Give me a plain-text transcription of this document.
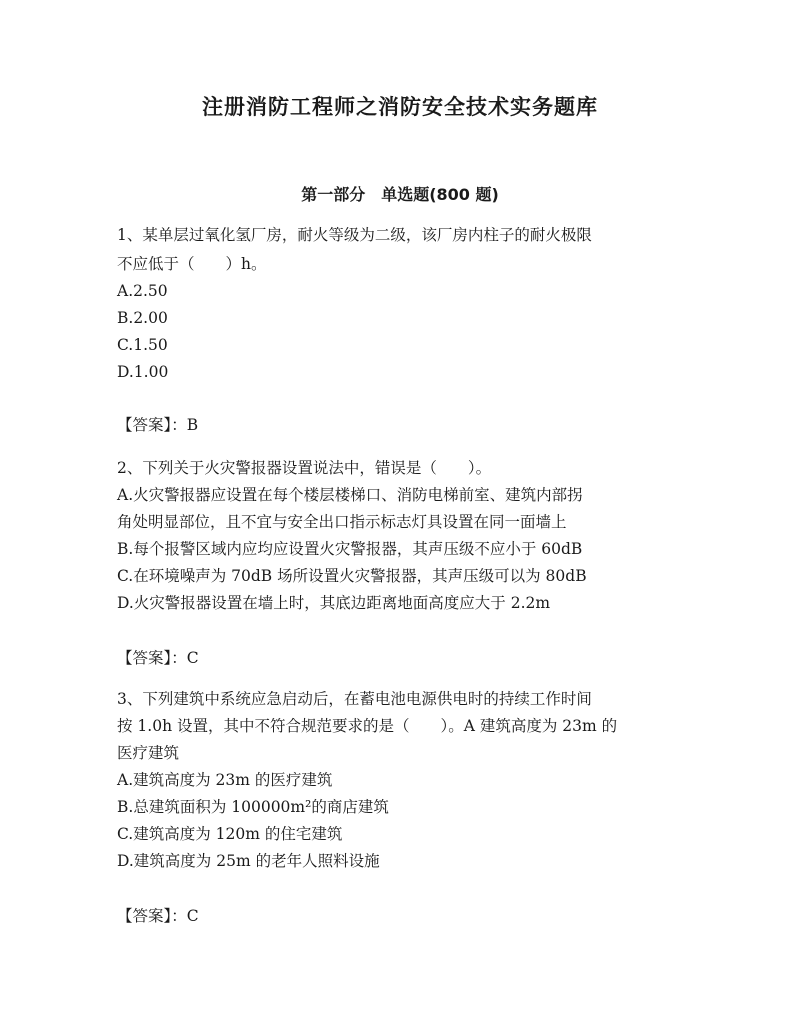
注册消防工程师之消防安全技术实务题库
第一部分　单选题(800 题)
1、某单层过氧化氢厂房，耐火等级为二级，该厂房内柱子的耐火极限
不应低于（　　）h。
A.2.50
B.2.00
C.1.50
D.1.00
【答案】：B
2、下列关于火灾警报器设置说法中，错误是（　　）。
A.火灾警报器应设置在每个楼层楼梯口、消防电梯前室、建筑内部拐
角处明显部位，且不宜与安全出口指示标志灯具设置在同一面墙上
B.每个报警区域内应均应设置火灾警报器，其声压级不应小于 60dB
C.在环境噪声为 70dB 场所设置火灾警报器，其声压级可以为 80dB
D.火灾警报器设置在墙上时，其底边距离地面高度应大于 2.2m
【答案】：C
3、下列建筑中系统应急启动后，在蓄电池电源供电时的持续工作时间
按 1.0h 设置，其中不符合规范要求的是（　　）。A 建筑高度为 23m 的
医疗建筑
A.建筑高度为 23m 的医疗建筑
B.总建筑面积为 100000m²的商店建筑
C.建筑高度为 120m 的住宅建筑
D.建筑高度为 25m 的老年人照料设施
【答案】：C
